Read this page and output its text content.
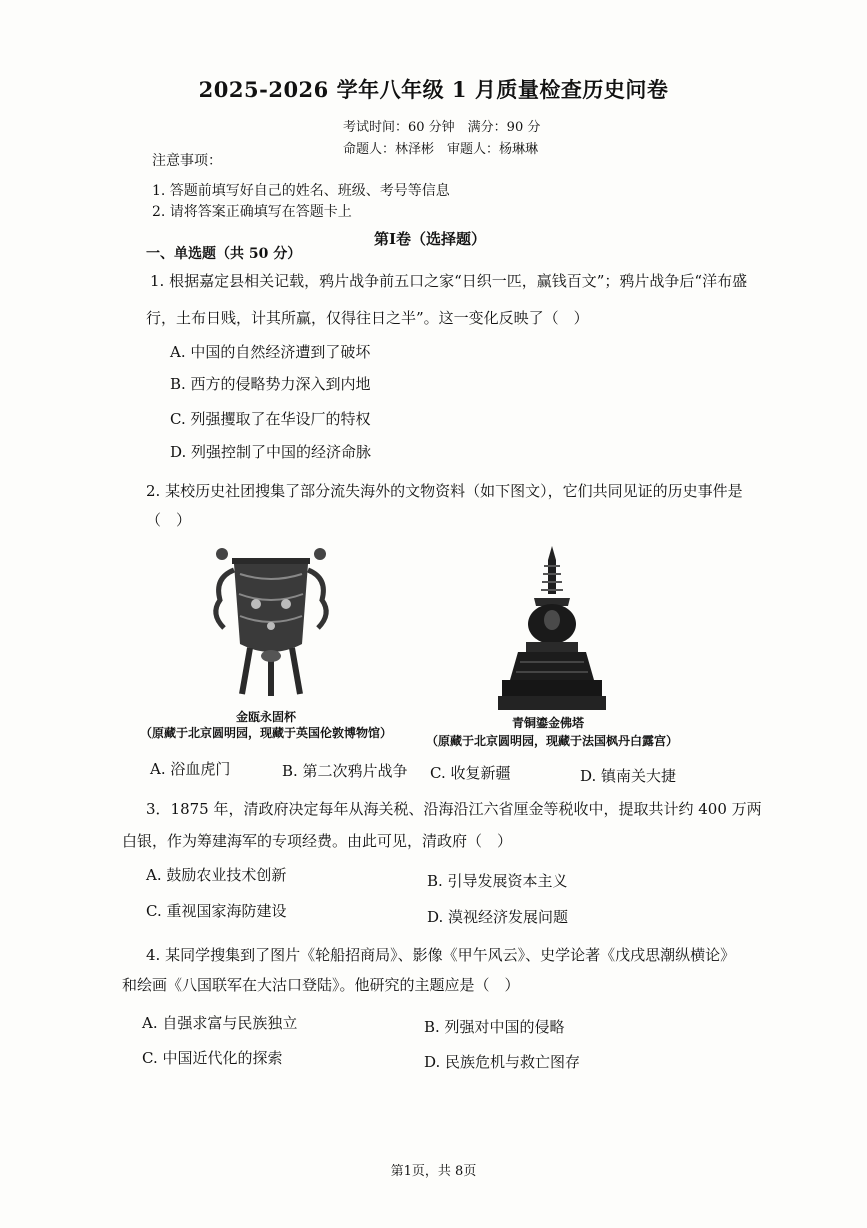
2025-2026 学年八年级 1 月质量检查历史问卷
考试时间：60 分钟　满分：90 分
命题人：林泽彬　审题人：杨琳琳
注意事项：
1. 答题前填写好自己的姓名、班级、考号等信息
2. 请将答案正确填写在答题卡上
第Ⅰ卷（选择题）
一、单选题（共 50 分）
1. 根据嘉定县相关记载，鸦片战争前五口之家“日织一匹，赢钱百文”；鸦片战争后“洋布盛
行，土布日贱，计其所赢，仅得往日之半”。这一变化反映了（　）
A. 中国的自然经济遭到了破坏
B. 西方的侵略势力深入到内地
C. 列强攫取了在华设厂的特权
D. 列强控制了中国的经济命脉
2. 某校历史社团搜集了部分流失海外的文物资料（如下图文），它们共同见证的历史事件是
（　）
金瓯永固杯
（原藏于北京圆明园，现藏于英国伦敦博物馆）
青铜鎏金佛塔
（原藏于北京圆明园，现藏于法国枫丹白露宫）
A. 浴血虎门	B. 第二次鸦片战争 C. 收复新疆	D. 镇南关大捷
3．1875 年，清政府决定每年从海关税、沿海沿江六省厘金等税收中，提取共计约 400 万两
白银，作为筹建海军的专项经费。由此可见，清政府（　）
A. 鼓励农业技术创新	B. 引导发展资本主义
C. 重视国家海防建设	D. 漠视经济发展问题
4. 某同学搜集到了图片《轮船招商局》、影像《甲午风云》、史学论著《戊戌思潮纵横论》
和绘画《八国联军在大沽口登陆》。他研究的主题应是（　）
A. 自强求富与民族独立	B. 列强对中国的侵略
C. 中国近代化的探索	D. 民族危机与救亡图存
第1页，共 8页
